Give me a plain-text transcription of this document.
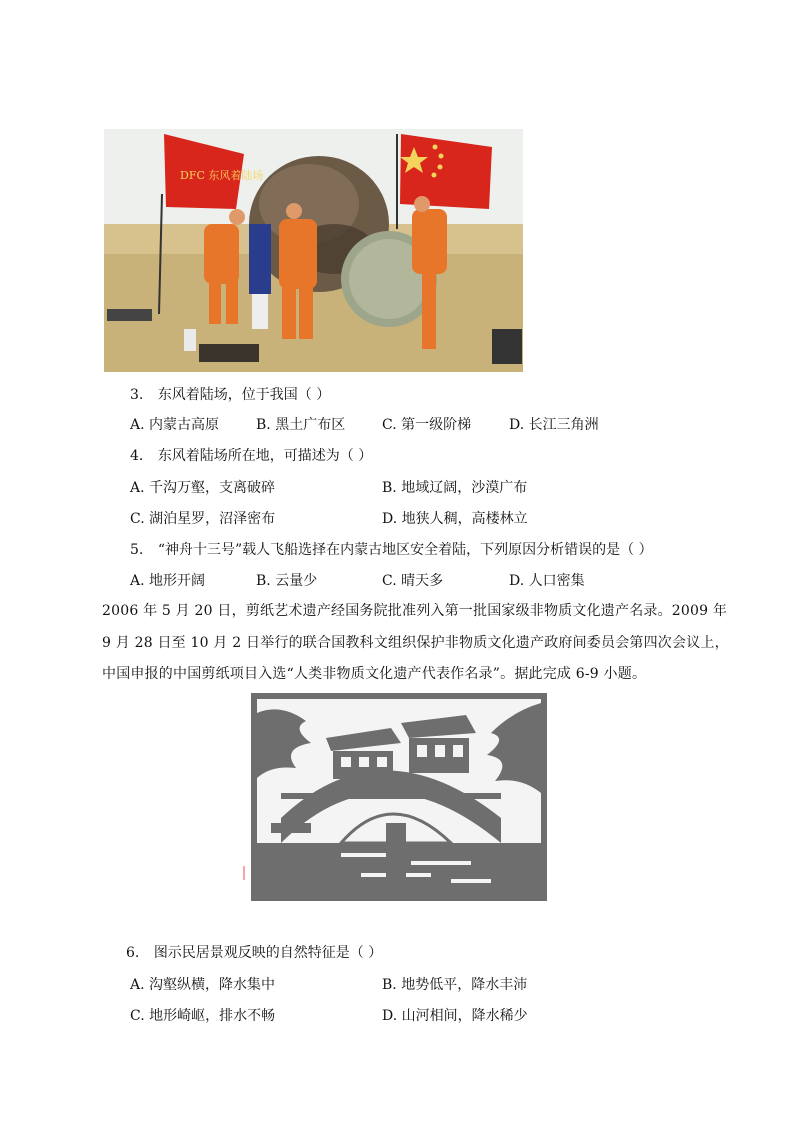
DFC 东风着陆场
3. 东风着陆场，位于我国（ ）
A. 内蒙古高原	B. 黑土广布区	C. 第一级阶梯	D. 长江三角洲
4. 东风着陆场所在地，可描述为（ ）
A. 千沟万壑，支离破碎	B. 地域辽阔，沙漠广布
C. 湖泊星罗，沼泽密布	D. 地狭人稠，高楼林立
5. “神舟十三号”载人飞船选择在内蒙古地区安全着陆，下列原因分析错误的是（ ）
A. 地形开阔	B. 云量少	C. 晴天多	D. 人口密集
2006 年 5 月 20 日，剪纸艺术遗产经国务院批准列入第一批国家级非物质文化遗产名录。2009 年
9 月 28 日至 10 月 2 日举行的联合国教科文组织保护非物质文化遗产政府间委员会第四次会议上，
中国申报的中国剪纸项目入选“人类非物质文化遗产代表作名录”。据此完成 6-9 小题。
6. 图示民居景观反映的自然特征是（ ）
A. 沟壑纵横，降水集中	B. 地势低平，降水丰沛
C. 地形崎岖，排水不畅	D. 山河相间，降水稀少
